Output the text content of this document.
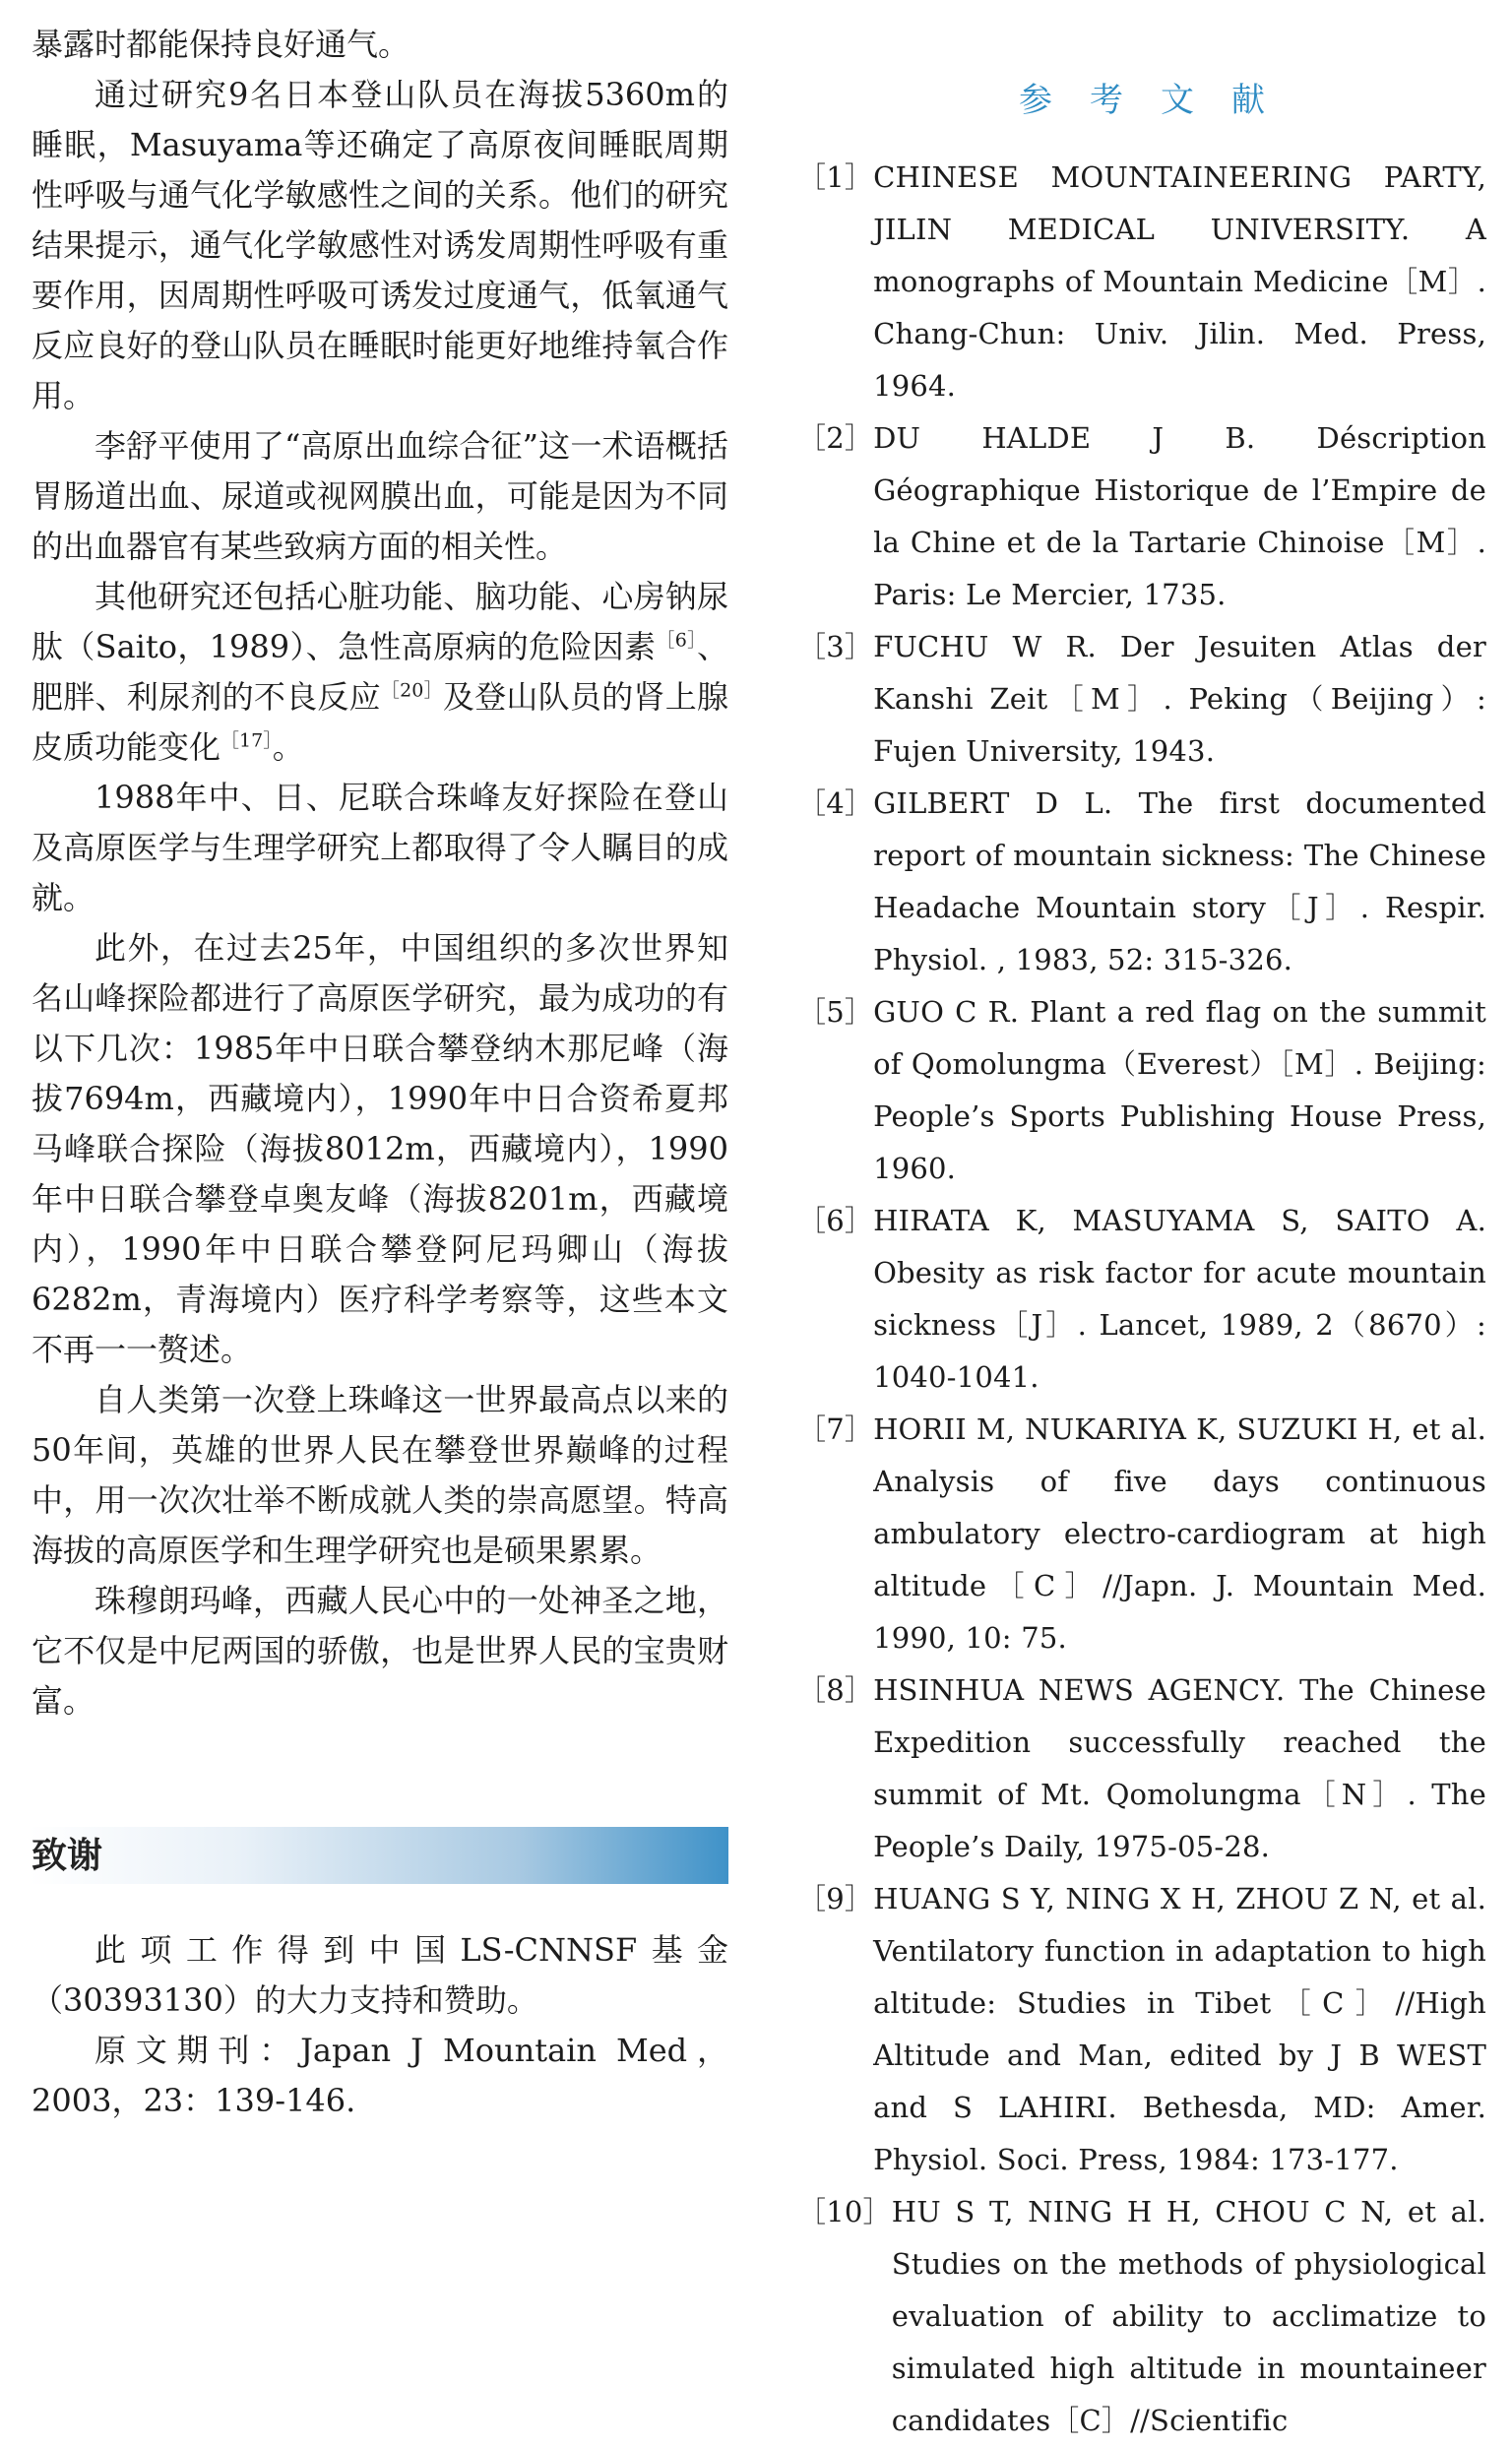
暴露时都能保持良好通气。

通过研究9名日本登山队员在海拔5360m的睡眠，Masuyama等还确定了高原夜间睡眠周期性呼吸与通气化学敏感性之间的关系。他们的研究结果提示，通气化学敏感性对诱发周期性呼吸有重要作用，因周期性呼吸可诱发过度通气，低氧通气反应良好的登山队员在睡眠时能更好地维持氧合作用。

李舒平使用了“高原出血综合征”这一术语概括胃肠道出血、尿道或视网膜出血，可能是因为不同的出血器官有某些致病方面的相关性。

其他研究还包括心脏功能、脑功能、心房钠尿肽（Saito，1989）、急性高原病的危险因素$^{[6]}$、肥胖、利尿剂的不良反应$^{[20]}$及登山队员的肾上腺皮质功能变化$^{[17]}$。

1988年中、日、尼联合珠峰友好探险在登山及高原医学与生理学研究上都取得了令人瞩目的成就。

此外，在过去25年，中国组织的多次世界知名山峰探险都进行了高原医学研究，最为成功的有以下几次：1985年中日联合攀登纳木那尼峰（海拔7694m，西藏境内），1990年中日合资希夏邦马峰联合探险（海拔8012m，西藏境内），1990年中日联合攀登卓奥友峰（海拔8201m，西藏境内），1990年中日联合攀登阿尼玛卿山（海拔6282m，青海境内）医疗科学考察等，这些本文不再一一赘述。

自人类第一次登上珠峰这一世界最高点以来的50年间，英雄的世界人民在攀登世界巅峰的过程中，用一次次壮举不断成就人类的崇高愿望。特高海拔的高原医学和生理学研究也是硕果累累。

珠穆朗玛峰，西藏人民心中的一处神圣之地，它不仅是中尼两国的骄傲，也是世界人民的宝贵财富。

致谢

此项工作得到中国LS-CNNSF基金（30393130）的大力支持和赞助。

原文期刊：Japan J Mountain Med，2003，23：139-146.

参考文献
［1］ CHINESE MOUNTAINEERING PARTY, JILIN MEDICAL UNIVERSITY. A monographs of Mountain Medicine［M］. Chang-Chun: Univ. Jilin. Med. Press, 1964.
［2］ DU HALDE J B. Déscription Géographique Historique de l’Empire de la Chine et de la Tartarie Chinoise［M］. Paris: Le Mercier, 1735.
［3］ FUCHU W R. Der Jesuiten Atlas der Kanshi Zeit［M］. Peking（Beijing）: Fujen University, 1943.
［4］ GILBERT D L. The first documented report of mountain sickness: The Chinese Headache Mountain story［J］. Respir. Physiol. , 1983, 52: 315-326.
［5］ GUO C R. Plant a red flag on the summit of Qomolungma（Everest）［M］. Beijing: People’s Sports Publishing House Press, 1960.
［6］ HIRATA K, MASUYAMA S, SAITO A. Obesity as risk factor for acute mountain sickness［J］. Lancet, 1989, 2（8670）: 1040-1041.
［7］ HORII M, NUKARIYA K, SUZUKI H, et al. Analysis of five days continuous ambulatory electro-cardiogram at high altitude［C］//Japn. J. Mountain Med. 1990, 10: 75.
［8］ HSINHUA NEWS AGENCY. The Chinese Expedition successfully reached the summit of Mt. Qomolungma［N］. The People’s Daily, 1975-05-28.
［9］ HUANG S Y, NING X H, ZHOU Z N, et al. Ventilatory function in adaptation to high altitude: Studies in Tibet［C］//High Altitude and Man, edited by J B WEST and S LAHIRI. Bethesda, MD: Amer. Physiol. Soci. Press, 1984: 173-177.
［10］ HU S T, NING H H, CHOU C N, et al. Studies on the methods of physiological evaluation of ability to acclimatize to simulated high altitude in mountaineer candidates［C］//Scientific
